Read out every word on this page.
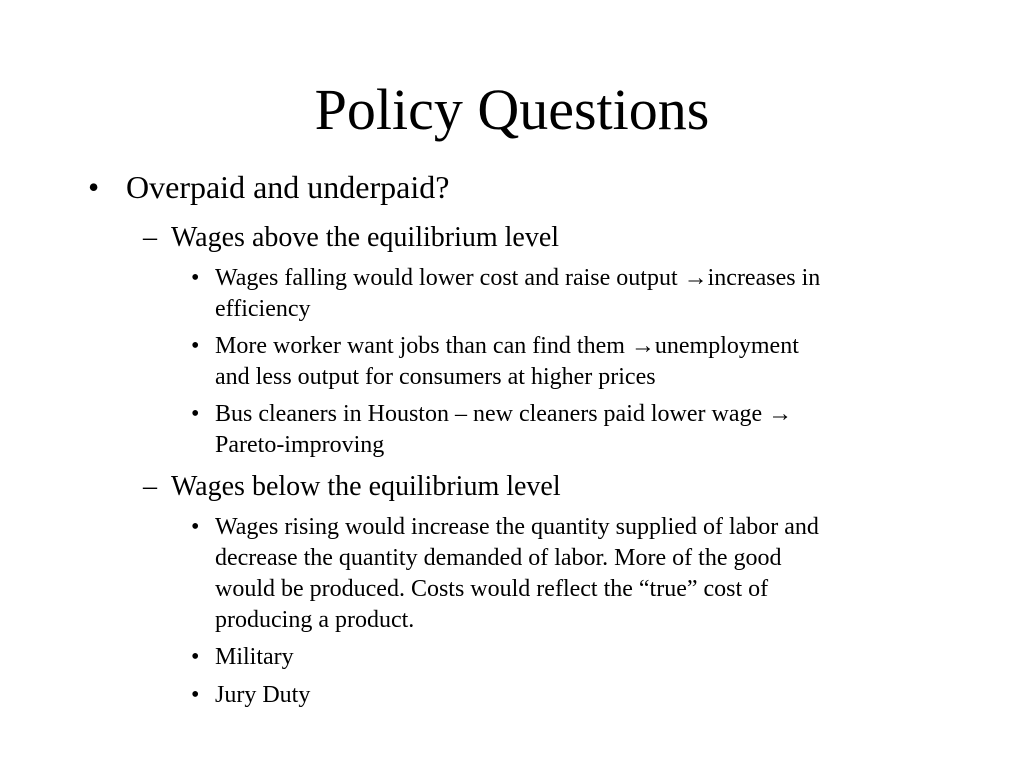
Policy Questions
• Overpaid and underpaid?
– Wages above the equilibrium level
• Wages falling would lower cost and raise output →increases in
efficiency
• More worker want jobs than can find them →unemployment
and less output for consumers at higher prices
• Bus cleaners in Houston – new cleaners paid lower wage →
Pareto-improving
– Wages below the equilibrium level
• Wages rising would increase the quantity supplied of labor and
decrease the quantity demanded of labor. More of the good
would be produced. Costs would reflect the “true” cost of
producing a product.
• Military
• Jury Duty
